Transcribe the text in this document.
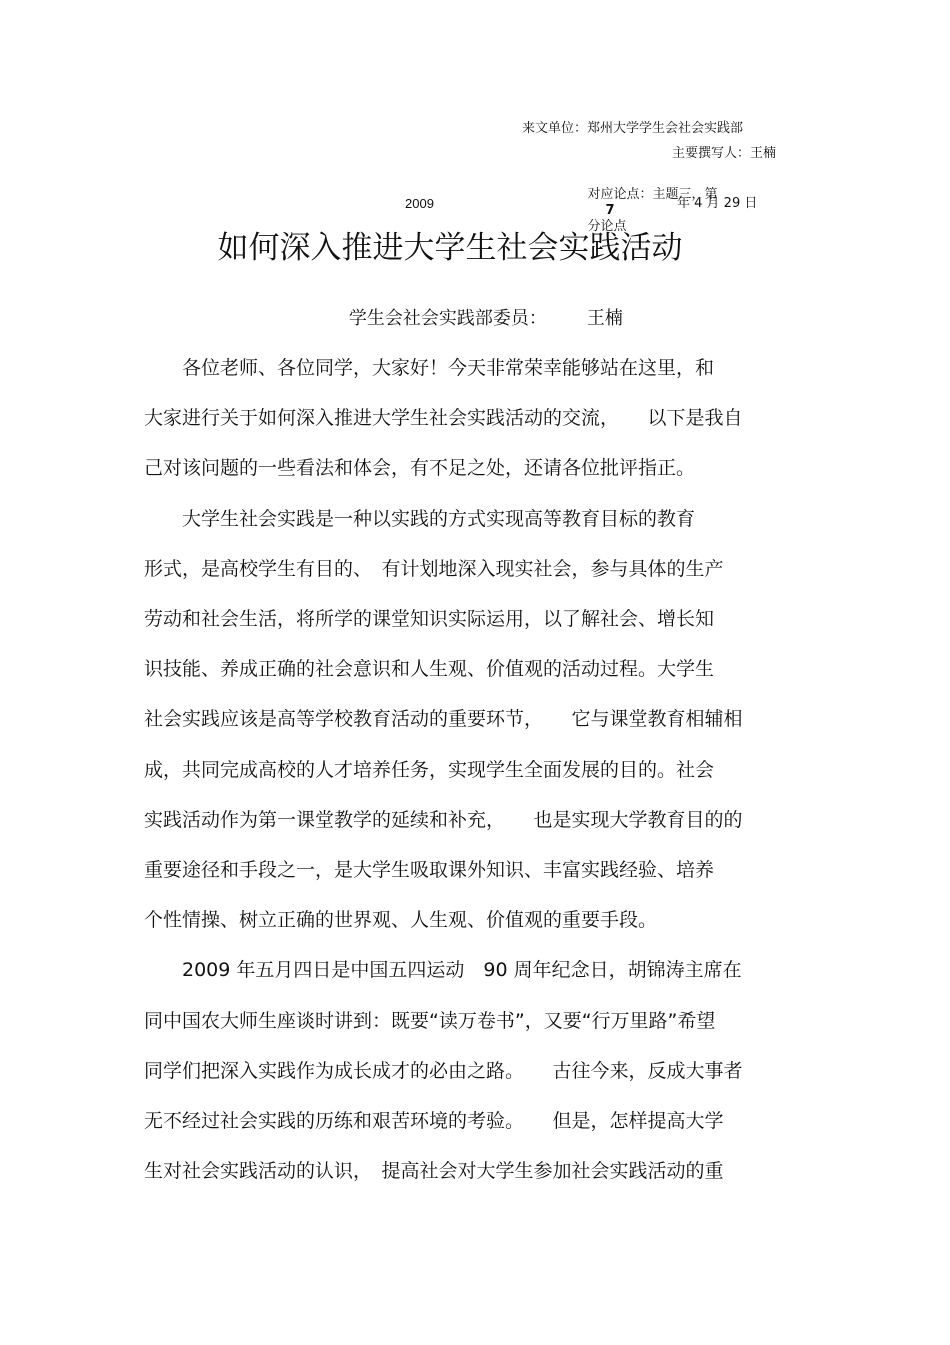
来文单位：郑州大学学生会社会实践部
主要撰写人：王楠

对应论点：主题三，第
7
分论点

2009	年 4 月 29 日
如何深入推进大学生社会实践活动

学生会社会实践部委员： 王楠

　　各位老师、各位同学，大家好！今天非常荣幸能够站在这里，和
大家进行关于如何深入推进大学生社会实践活动的交流，　　以下是我自
己对该问题的一些看法和体会，有不足之处，还请各位批评指正。
　　大学生社会实践是一种以实践的方式实现高等教育目标的教育
形式，是高校学生有目的、　有计划地深入现实社会，参与具体的生产
劳动和社会生活，将所学的课堂知识实际运用，以了解社会、增长知
识技能、养成正确的社会意识和人生观、价值观的活动过程。大学生
社会实践应该是高等学校教育活动的重要环节，　　它与课堂教育相辅相
成，共同完成高校的人才培养任务，实现学生全面发展的目的。社会
实践活动作为第一课堂教学的延续和补充，　　也是实现大学教育目的的
重要途径和手段之一，是大学生吸取课外知识、丰富实践经验、培养
个性情操、树立正确的世界观、人生观、价值观的重要手段。
　　2009 年五月四日是中国五四运动　90 周年纪念日，胡锦涛主席在
同中国农大师生座谈时讲到：既要“读万卷书”，又要“行万里路”希望
同学们把深入实践作为成长成才的必由之路。　　古往今来，反成大事者
无不经过社会实践的历练和艰苦环境的考验。　　但是，怎样提高大学
生对社会实践活动的认识，　提高社会对大学生参加社会实践活动的重
